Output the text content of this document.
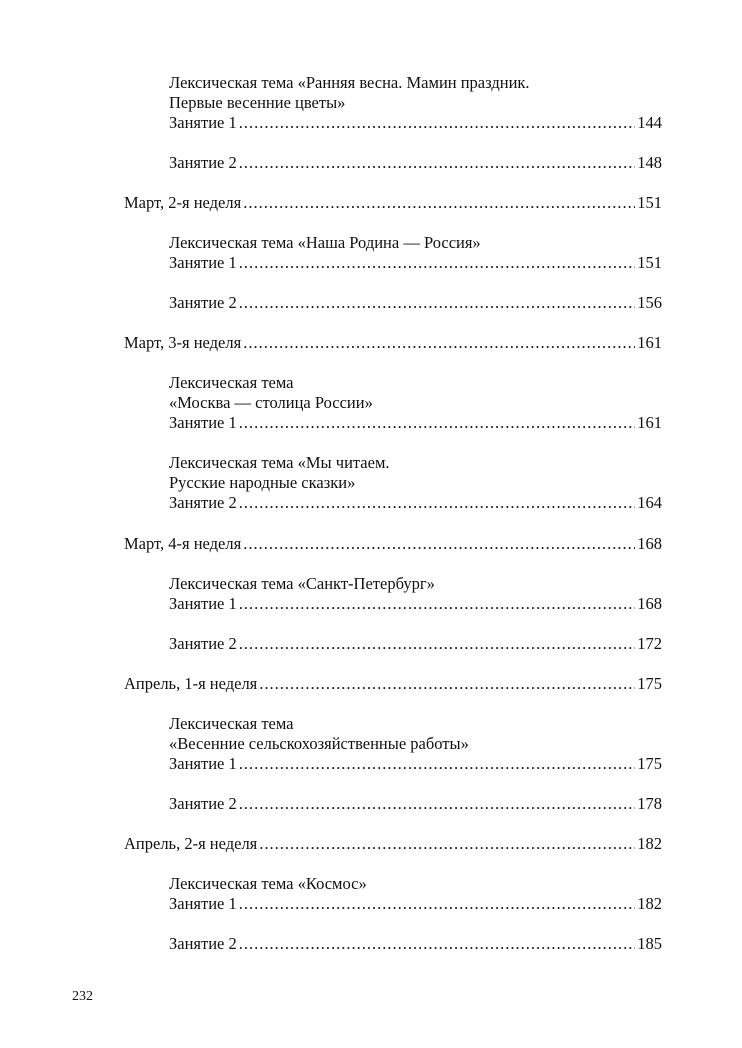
Лексическая тема «Ранняя весна. Мамин праздник.
Первые весенние цветы»
Занятие 1 .....	144
Занятие 2 .....	148
Март, 2-я неделя .....	151
Лексическая тема «Наша Родина — Россия»
Занятие 1 .....	151
Занятие 2 .....	156
Март, 3-я неделя .....	161
Лексическая тема
«Москва — столица России»
Занятие 1 .....	161
Лексическая тема «Мы читаем.
Русские народные сказки»
Занятие 2 .....	164
Март, 4-я неделя .....	168
Лексическая тема «Санкт-Петербург»
Занятие 1 .....	168
Занятие 2 .....	172
Апрель, 1-я неделя .....	175
Лексическая тема
«Весенние сельскохозяйственные работы»
Занятие 1 .....	175
Занятие 2 .....	178
Апрель, 2-я неделя .....	182
Лексическая тема «Космос»
Занятие 1 .....	182
Занятие 2 .....	185
232
